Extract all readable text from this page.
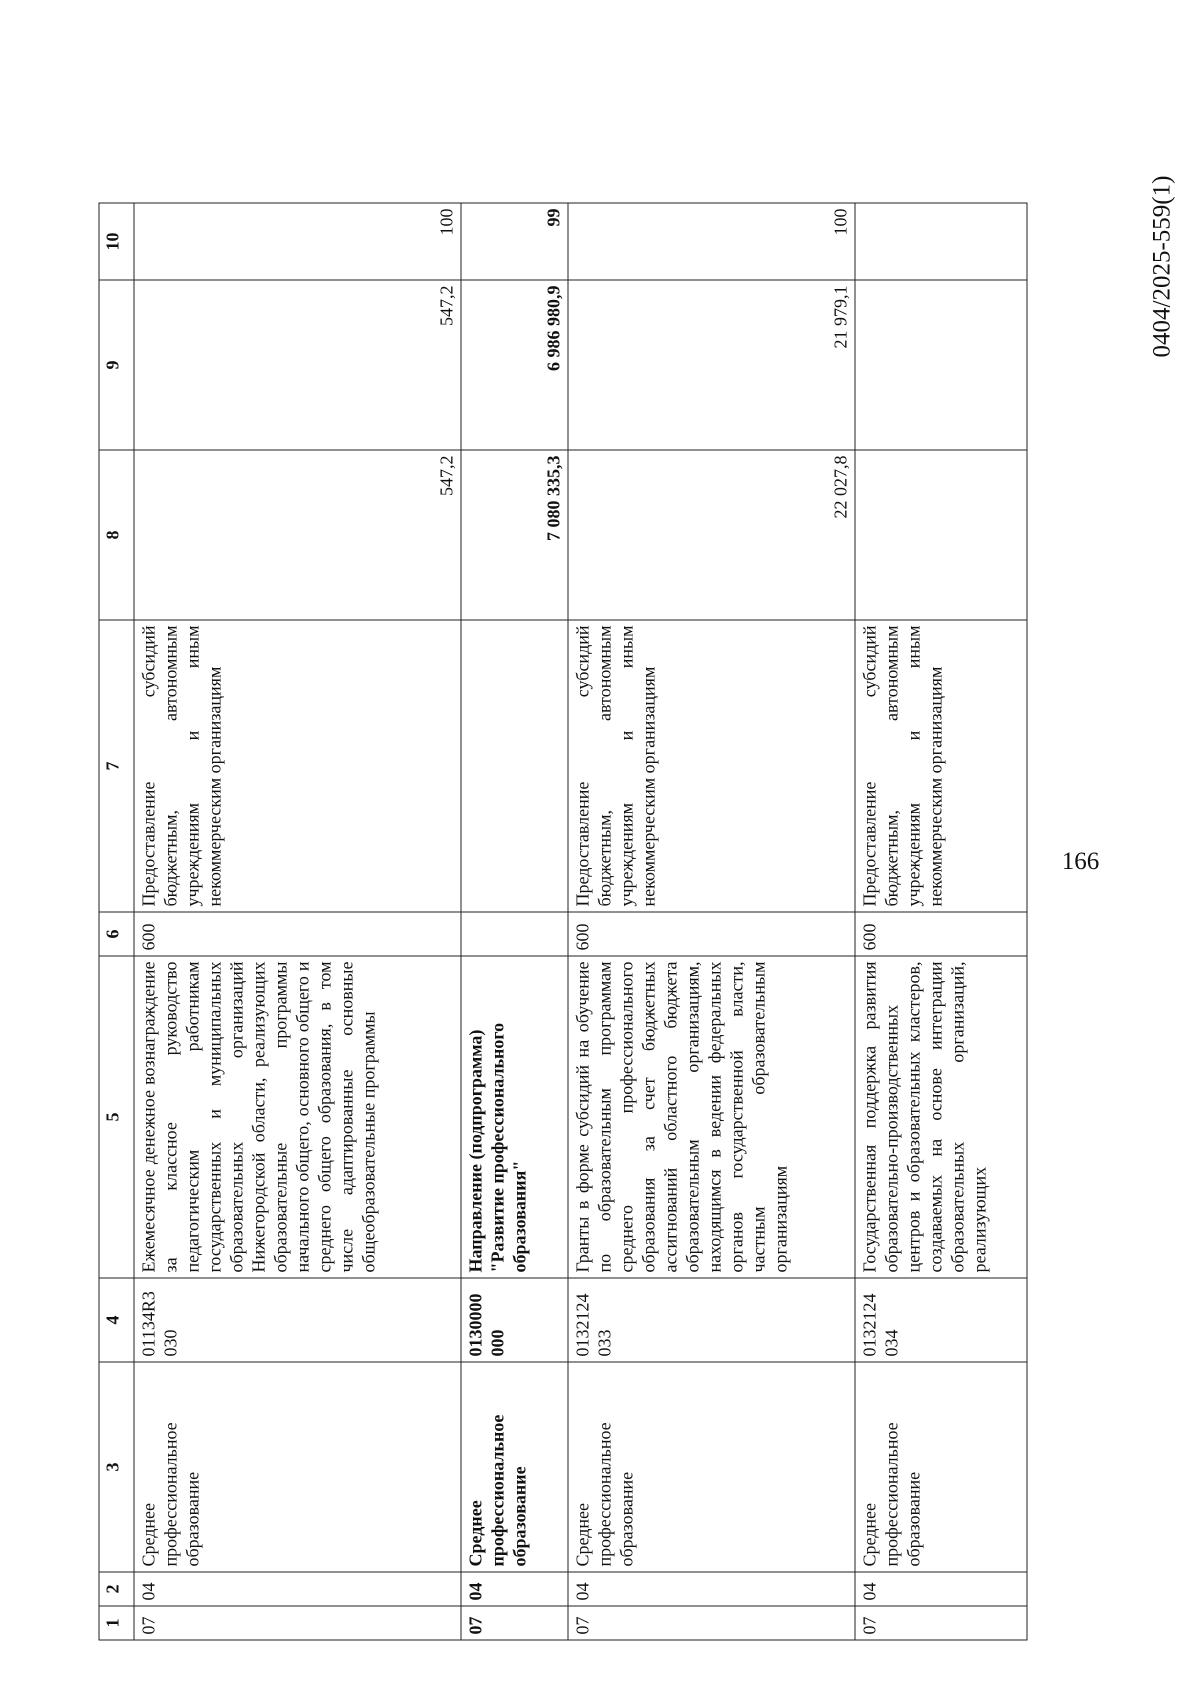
0404/2025-559(1)
1	2	3	4	5	6	7	8	9	10
07	04	Среднее профессиональное образование	01134R3 030	Ежемесячное денежное вознаграждение за классное руководство педагогическим работникам государственных и муниципальных образовательных организаций Нижегородской области, реализующих образовательные программы начального общего, основного общего и среднего общего образования, в том числе адаптированные основные общеобразовательные программы	600	Предоставление субсидий бюджетным, автономным учреждениям и иным некоммерческим организациям	547,2	547,2	100
07	04	Среднее профессиональное образование	0130000 000	Направление (подпрограмма) "Развитие профессионального образования"			7 080 335,3	6 986 980,9	99
07	04	Среднее профессиональное образование	0132124 033	Гранты в форме субсидий на обучение по образовательным программам среднего профессионального образования за счет бюджетных ассигнований областного бюджета образовательным организациям, находящимся в ведении федеральных органов государственной власти, частным образовательным организациям	600	Предоставление субсидий бюджетным, автономным учреждениям и иным некоммерческим организациям	22 027,8	21 979,1	100
07	04	Среднее профессиональное образование	0132124 034	Государственная поддержка развития образовательно-производственных центров и образовательных кластеров, создаваемых на основе интеграции образовательных организаций, реализующих	600	Предоставление субсидий бюджетным, автономным учреждениям и иным некоммерческим организациям				166
